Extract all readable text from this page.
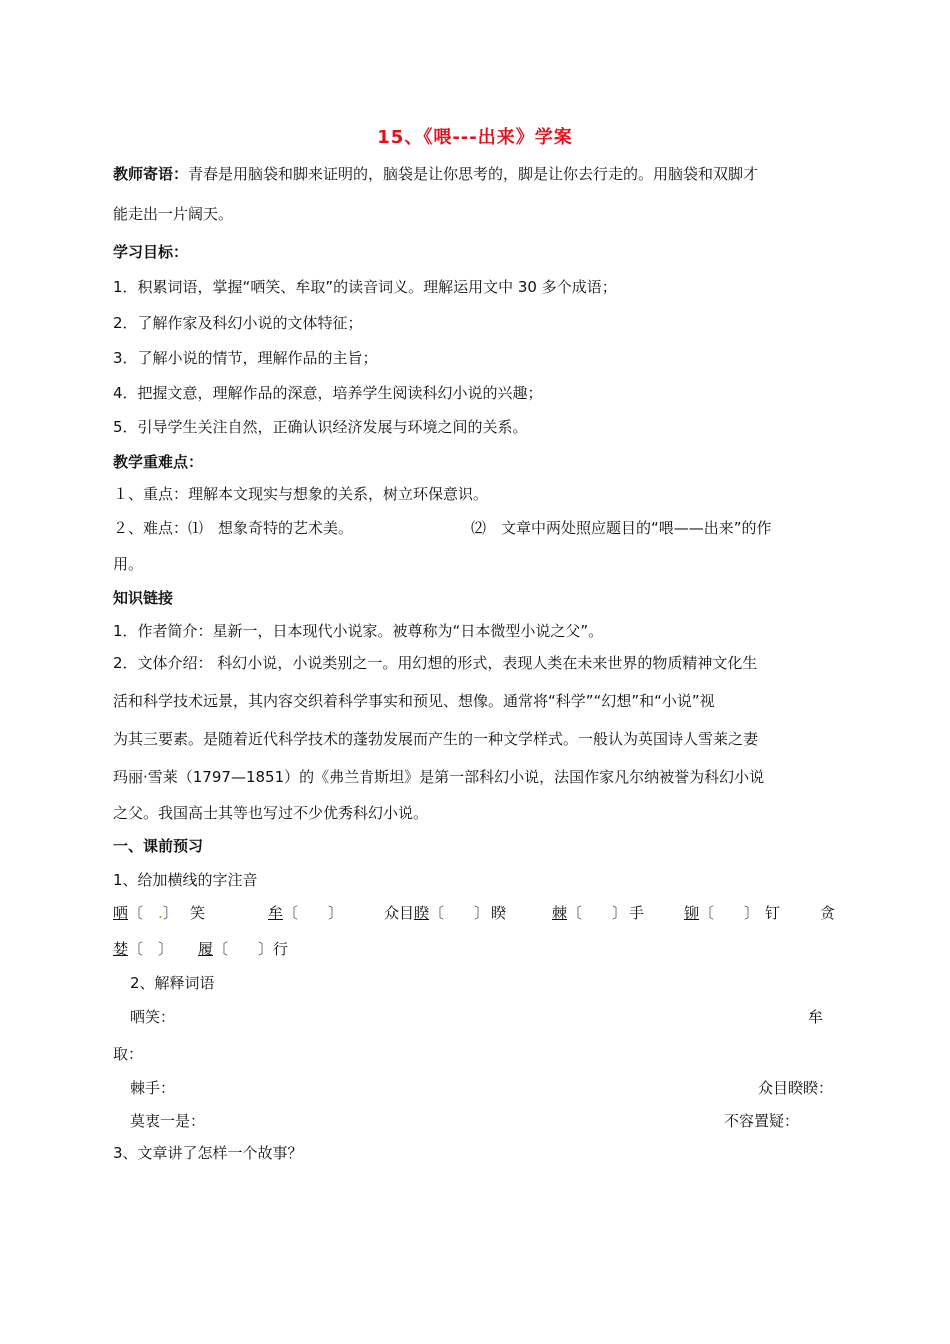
15、《喂---出来》学案
教师寄语：青春是用脑袋和脚来证明的，脑袋是让你思考的，脚是让你去行走的。用脑袋和双脚才
能走出一片阔天。
学习目标：
1．积累词语，掌握“哂笑、牟取”的读音词义。理解运用文中 30 多个成语；
2．了解作家及科幻小说的文体特征；
3．了解小说的情节，理解作品的主旨；
4．把握文意，理解作品的深意，培养学生阅读科幻小说的兴趣；
5．引导学生关注自然，正确认识经济发展与环境之间的关系。
教学重难点：
１、重点：理解本文现实与想象的关系，树立环保意识。
２、难点：⑴　想象奇特的艺术美。	⑵　文章中两处照应题目的“喂——出来”的作
用。
知识链接
1．作者简介：星新一，日本现代小说家。被尊称为“日本微型小说之父”。
2．文体介绍： 科幻小说，小说类别之一。用幻想的形式，表现人类在未来世界的物质精神文化生
活和科学技术远景，其内容交织着科学事实和预见、想像。通常将“科学”“幻想”和“小说”视
为其三要素。是随着近代科学技术的蓬勃发展而产生的一种文学样式。一般认为英国诗人雪莱之妻
玛丽·雪莱（1797—1851）的《弗兰肯斯坦》是第一部科幻小说，法国作家凡尔纳被誉为科幻小说
之父。我国高士其等也写过不少优秀科幻小说。
一、课前预习
1、给加横线的字注音
哂〔　.〕 笑	牟〔　　〕	众目睽〔　　〕 睽	棘〔　　〕 手	铆〔　　〕 钉	贪
婪〔　〕	履〔　　〕行
2、解释词语
哂笑：	牟
取：
棘手：	众目睽睽：
莫衷一是：	不容置疑：
3、文章讲了怎样一个故事？
